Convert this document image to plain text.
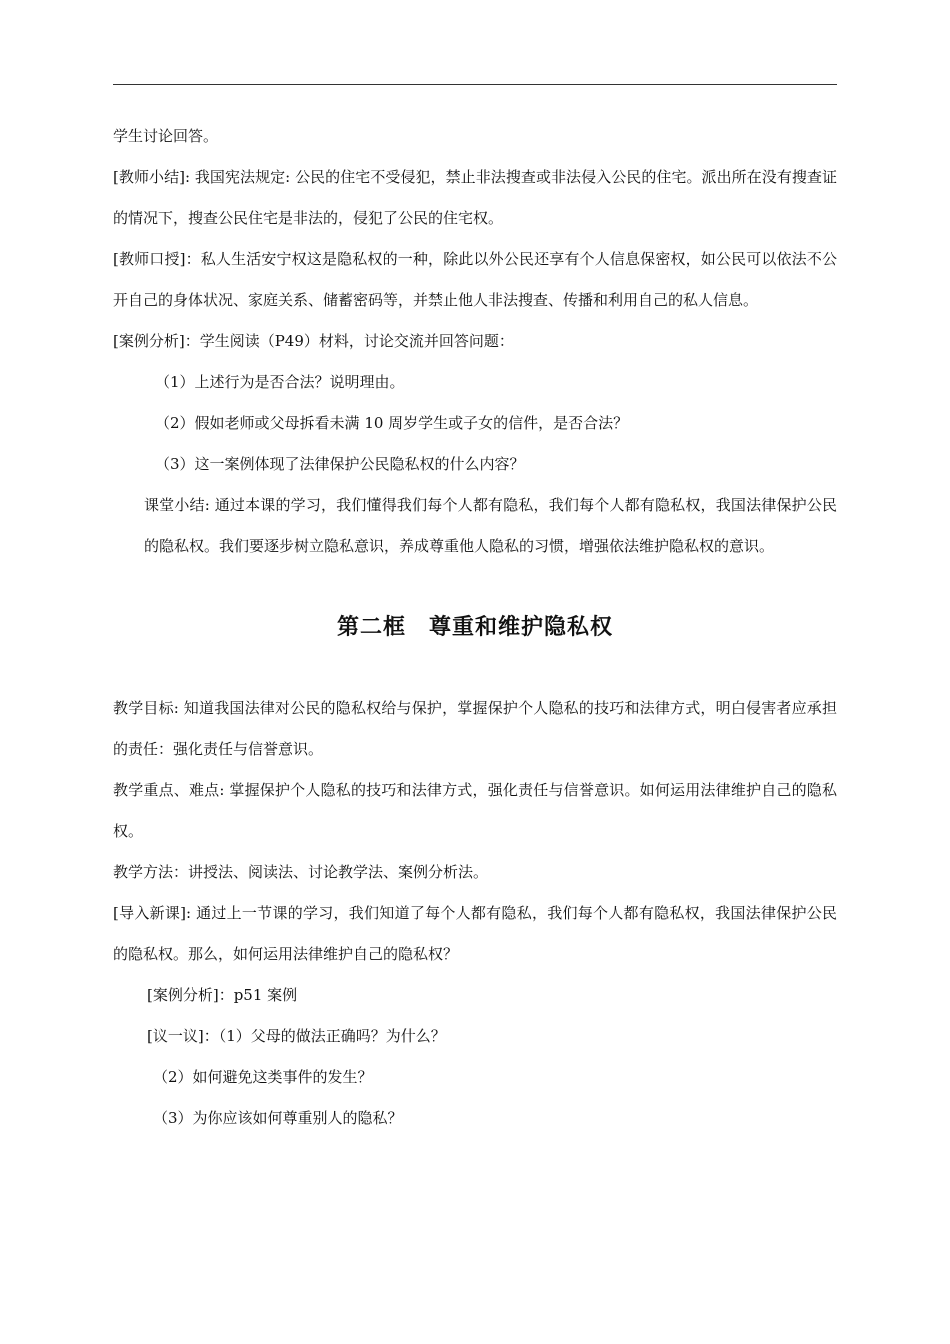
学生讨论回答。

[教师小结]: 我国宪法规定: 公民的住宅不受侵犯，禁止非法搜查或非法侵入公民的住宅。派出所在没有搜查证的情况下，搜查公民住宅是非法的，侵犯了公民的住宅权。

[教师口授]：私人生活安宁权这是隐私权的一种，除此以外公民还享有个人信息保密权，如公民可以依法不公开自己的身体状况、家庭关系、储蓄密码等，并禁止他人非法搜查、传播和利用自己的私人信息。

[案例分析]：学生阅读（P49）材料，讨论交流并回答问题：

（1）上述行为是否合法？说明理由。

（2）假如老师或父母拆看未满 10 周岁学生或子女的信件，是否合法？

（3）这一案例体现了法律保护公民隐私权的什么内容？

课堂小结: 通过本课的学习，我们懂得我们每个人都有隐私，我们每个人都有隐私权，我国法律保护公民的隐私权。我们要逐步树立隐私意识，养成尊重他人隐私的习惯，增强依法维护隐私权的意识。

第二框　尊重和维护隐私权

教学目标: 知道我国法律对公民的隐私权给与保护，掌握保护个人隐私的技巧和法律方式，明白侵害者应承担的责任：强化责任与信誉意识。

教学重点、难点: 掌握保护个人隐私的技巧和法律方式，强化责任与信誉意识。如何运用法律维护自己的隐私权。

教学方法：讲授法、阅读法、讨论教学法、案例分析法。

[导入新课]: 通过上一节课的学习，我们知道了每个人都有隐私，我们每个人都有隐私权，我国法律保护公民的隐私权。那么，如何运用法律维护自己的隐私权？

[案例分析]：p51 案例

[议一议]：（1）父母的做法正确吗？为什么？

（2）如何避免这类事件的发生？

（3）为你应该如何尊重别人的隐私？
